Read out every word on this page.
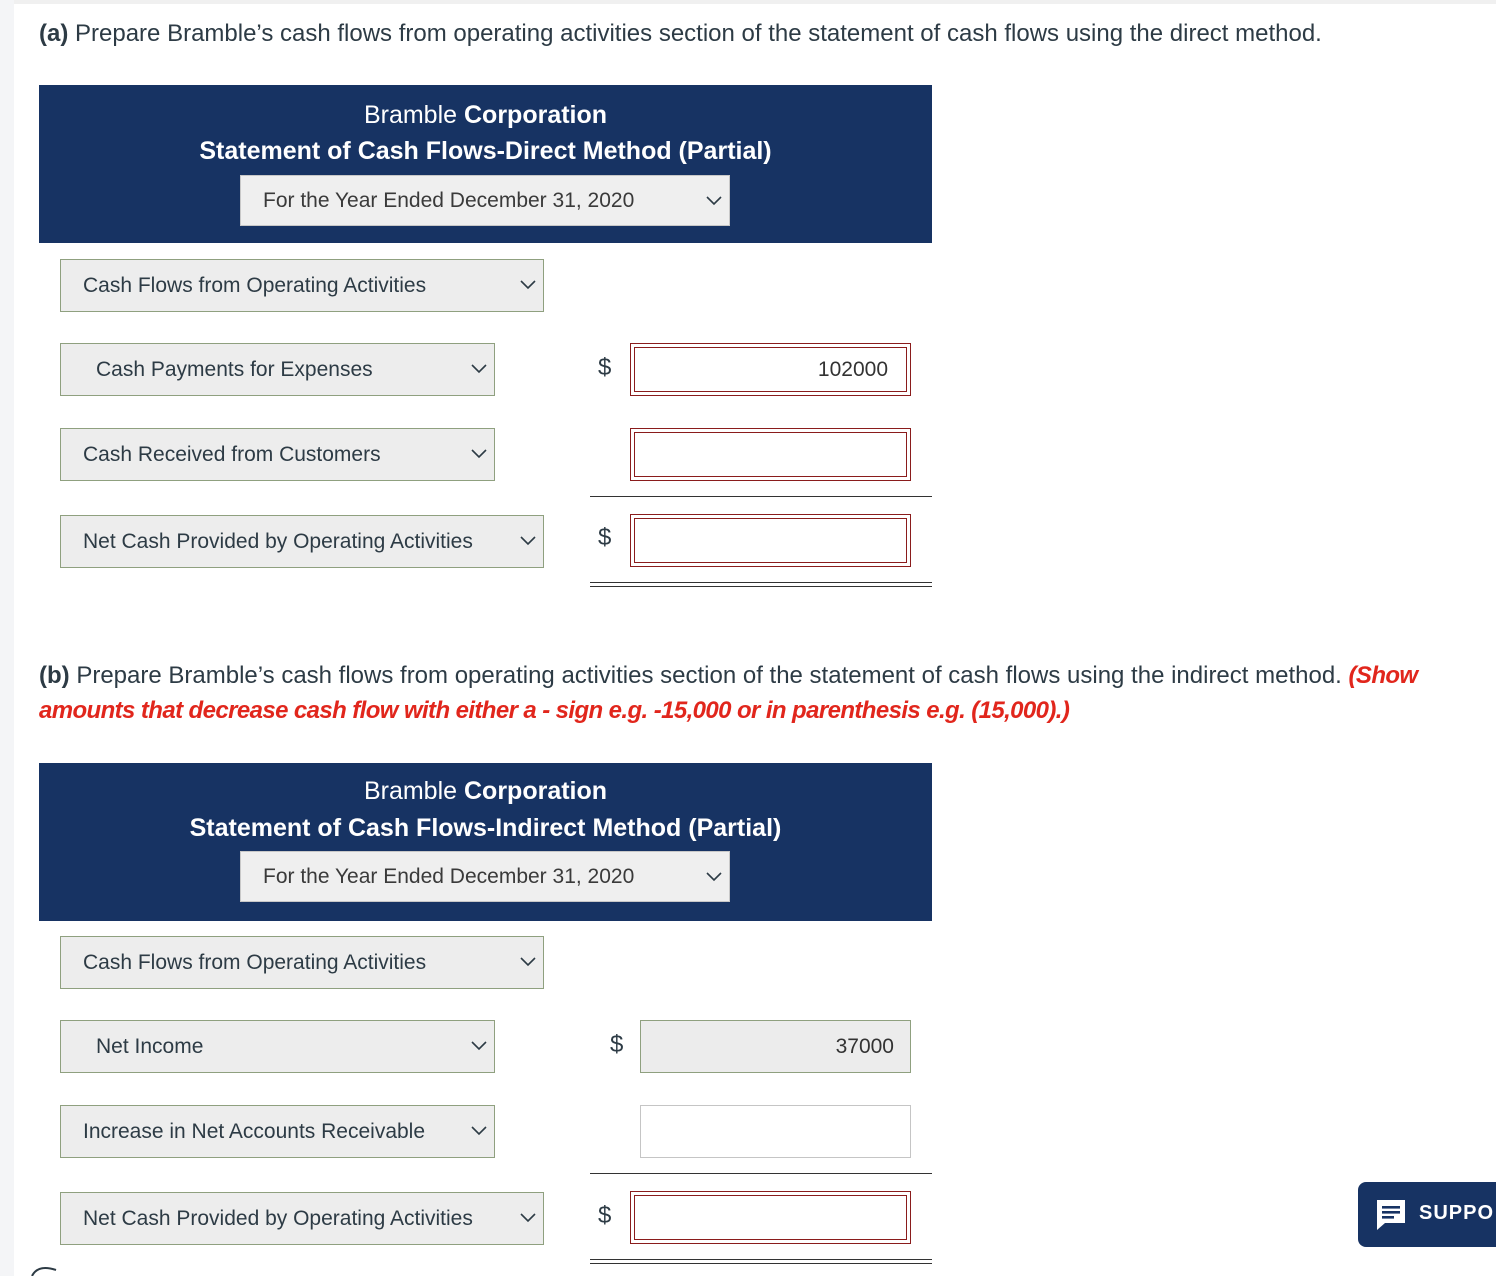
(a) Prepare Bramble’s cash flows from operating activities section of the statement of cash flows using the direct method.
Bramble Corporation
Statement of Cash Flows-Direct Method (Partial)
For the Year Ended December 31, 2020
Cash Flows from Operating Activities
Cash Payments for Expenses	$	102000
Cash Received from Customers
Net Cash Provided by Operating Activities	$
(b) Prepare Bramble’s cash flows from operating activities section of the statement of cash flows using the indirect method. (Show amounts that decrease cash flow with either a - sign e.g. -15,000 or in parenthesis e.g. (15,000).)
Bramble Corporation
Statement of Cash Flows-Indirect Method (Partial)
For the Year Ended December 31, 2020
Cash Flows from Operating Activities
Net Income	$	37000
Increase in Net Accounts Receivable
Net Cash Provided by Operating Activities	$	SUPPO
